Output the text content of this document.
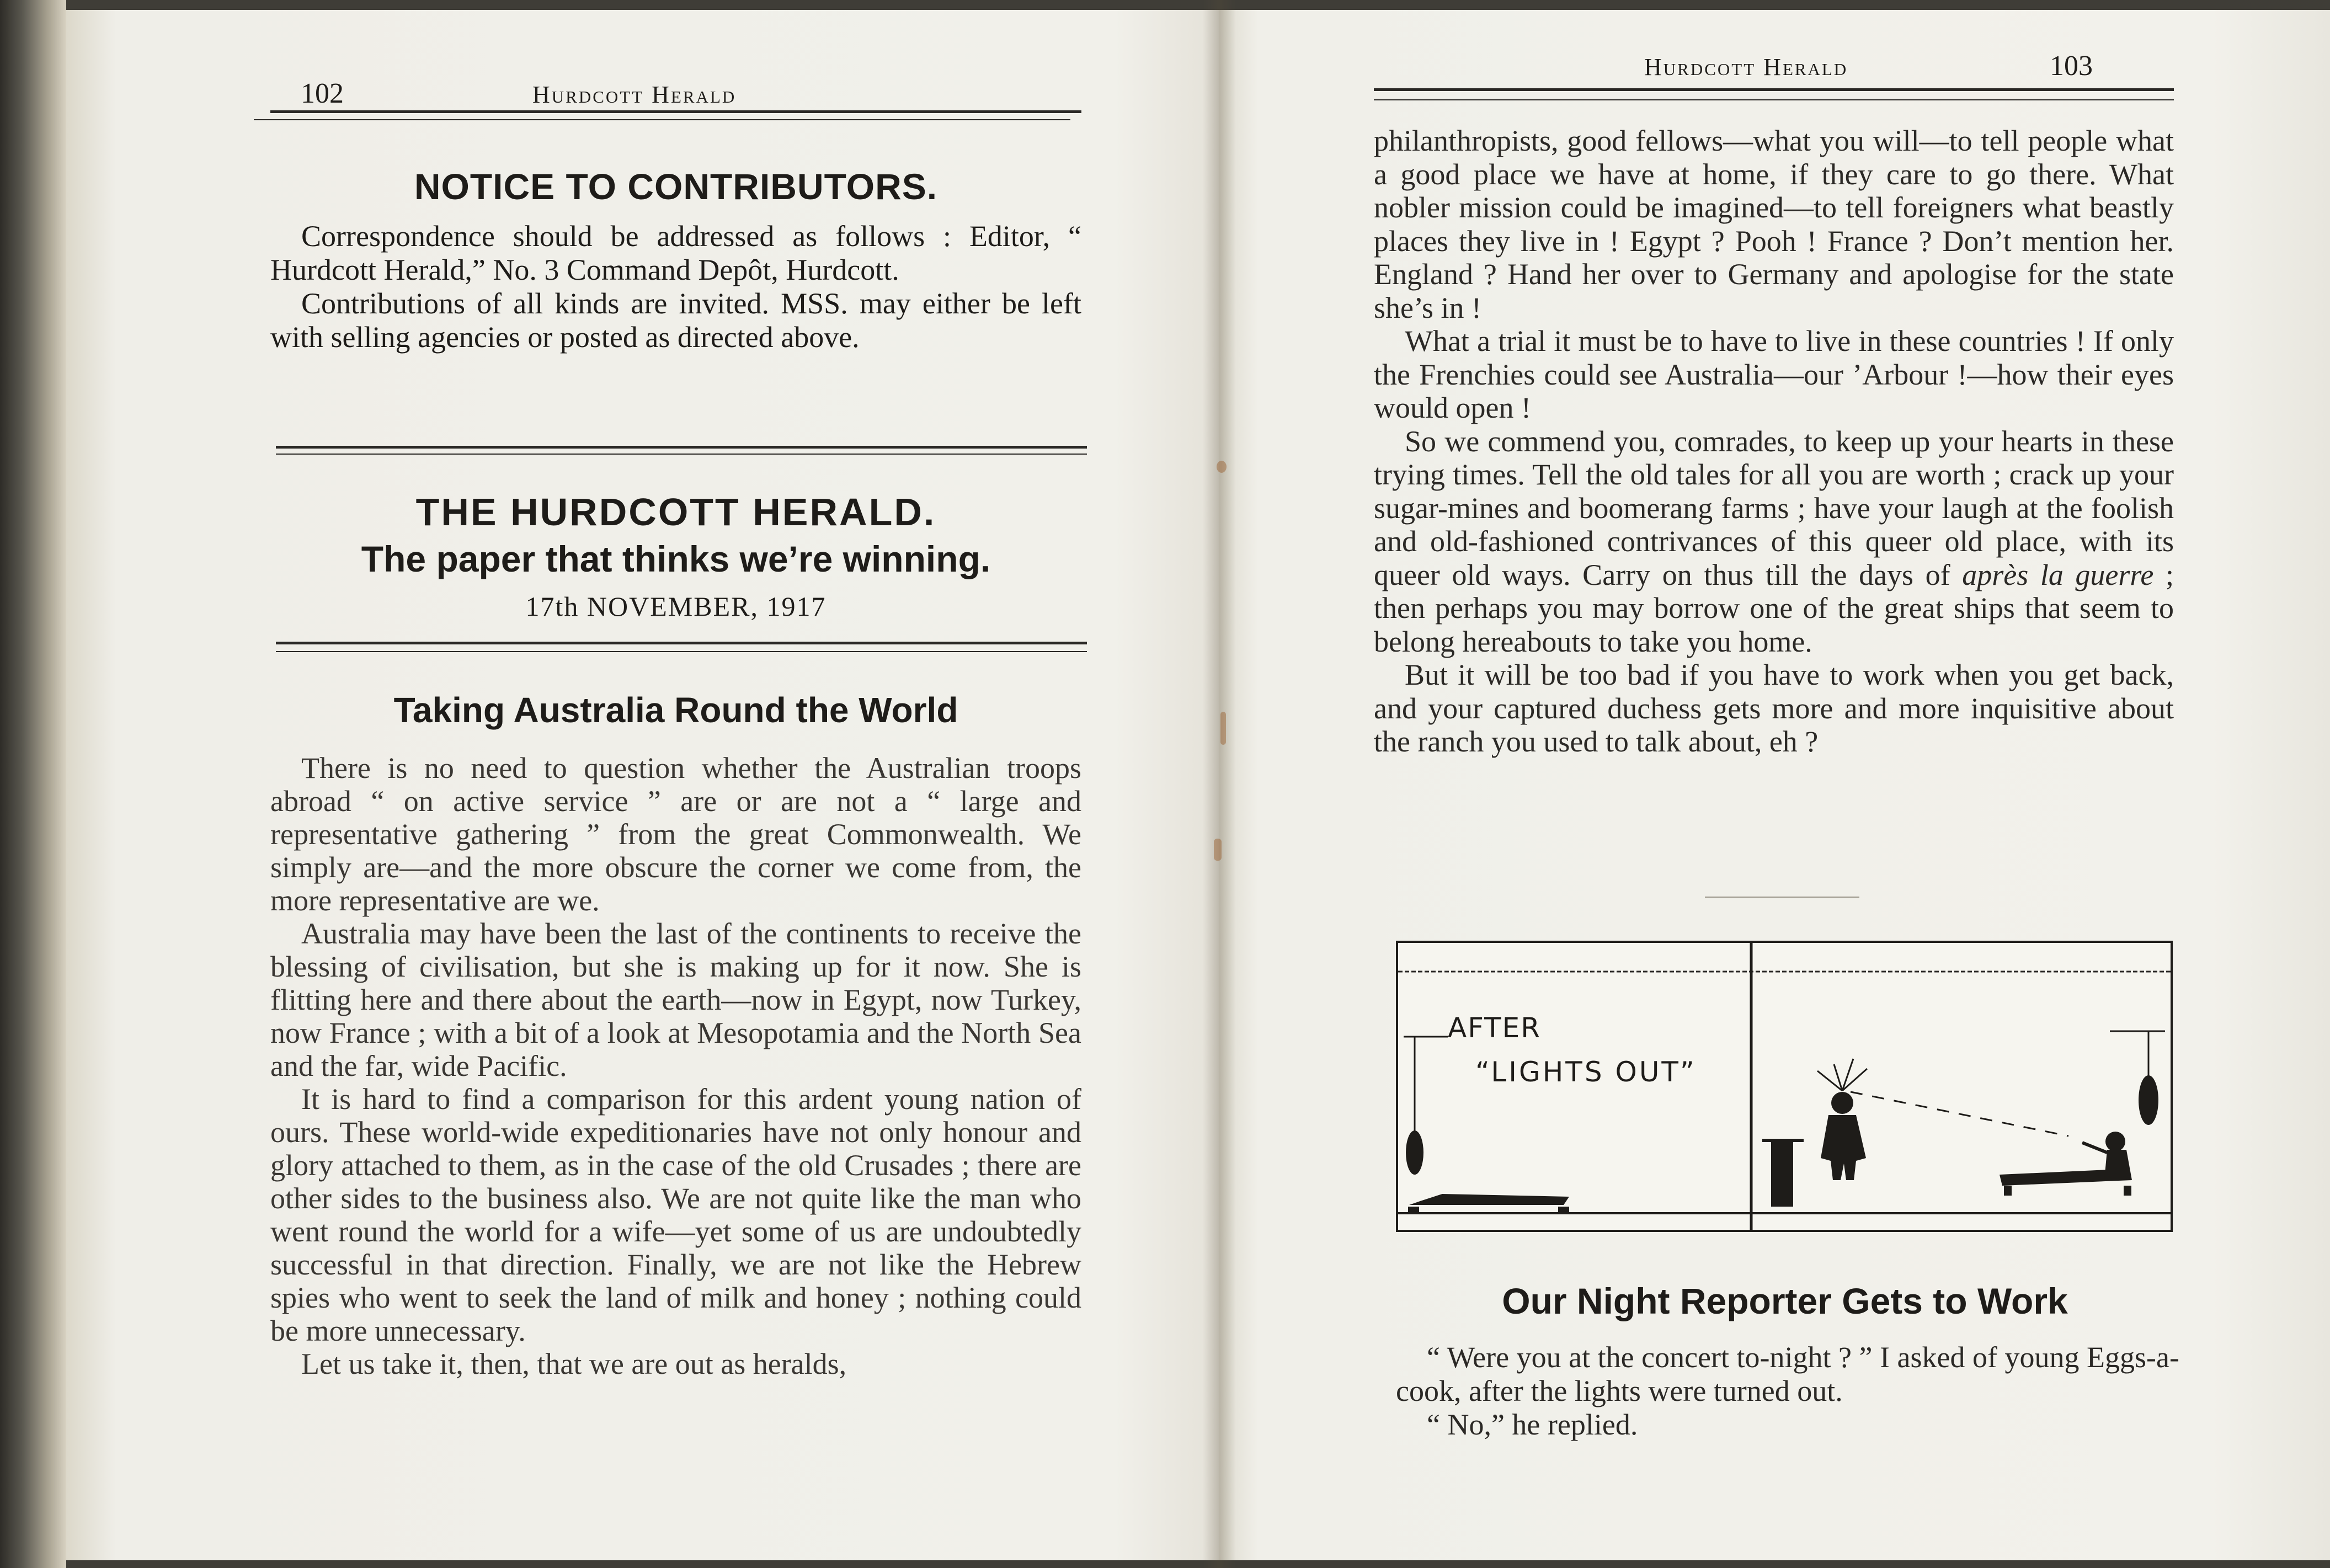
102	Hurdcott Herald
NOTICE TO CONTRIBUTORS.

Correspondence should be addressed as follows : Editor, “ Hurdcott Herald,” No. 3 Command Depôt, Hurdcott.

Contributions of all kinds are invited. MSS. may either be left with selling agencies or posted as directed above.

THE HURDCOTT HERALD.
The paper that thinks we’re winning.
17th NOVEMBER, 1917
Taking Australia Round the World

There is no need to question whether the Australian troops abroad “ on active service ” are or are not a “ large and representative gathering ” from the great Commonwealth. We simply are—and the more obscure the corner we come from, the more representative are we.

Australia may have been the last of the continents to receive the blessing of civilisation, but she is making up for it now. She is flitting here and there about the earth—now in Egypt, now Turkey, now France ; with a bit of a look at Mesopotamia and the North Sea and the far, wide Pacific.

It is hard to find a comparison for this ardent young nation of ours. These world-wide expeditionaries have not only honour and glory attached to them, as in the case of the old Crusades ; there are other sides to the business also. We are not quite like the man who went round the world for a wife—yet some of us are undoubtedly successful in that direction. Finally, we are not like the Hebrew spies who went to seek the land of milk and honey ; nothing could be more unnecessary.

Let us take it, then, that we are out as heralds,

Hurdcott Herald	103

philanthropists, good fellows—what you will—to tell people what a good place we have at home, if they care to go there. What nobler mission could be imagined—to tell foreigners what beastly places they live in ! Egypt ? Pooh ! France ? Don’t mention her. England ? Hand her over to Germany and apologise for the state she’s in !

What a trial it must be to have to live in these countries ! If only the Frenchies could see Australia—our ’Arbour !—how their eyes would open !

So we commend you, comrades, to keep up your hearts in these trying times. Tell the old tales for all you are worth ; crack up your sugar-mines and boomerang farms ; have your laugh at the foolish and old-fashioned contrivances of this queer old place, with its queer old ways. Carry on thus till the days of après la guerre ; then perhaps you may borrow one of the great ships that seem to belong hereabouts to take you home.

But it will be too bad if you have to work when you get back, and your captured duchess gets more and more inquisitive about the ranch you used to talk about, eh ?

AFTER
“LIGHTS OUT”
Our Night Reporter Gets to Work

“ Were you at the concert to-night ? ” I asked of young Eggs-a-cook, after the lights were turned out.

“ No,” he replied.
